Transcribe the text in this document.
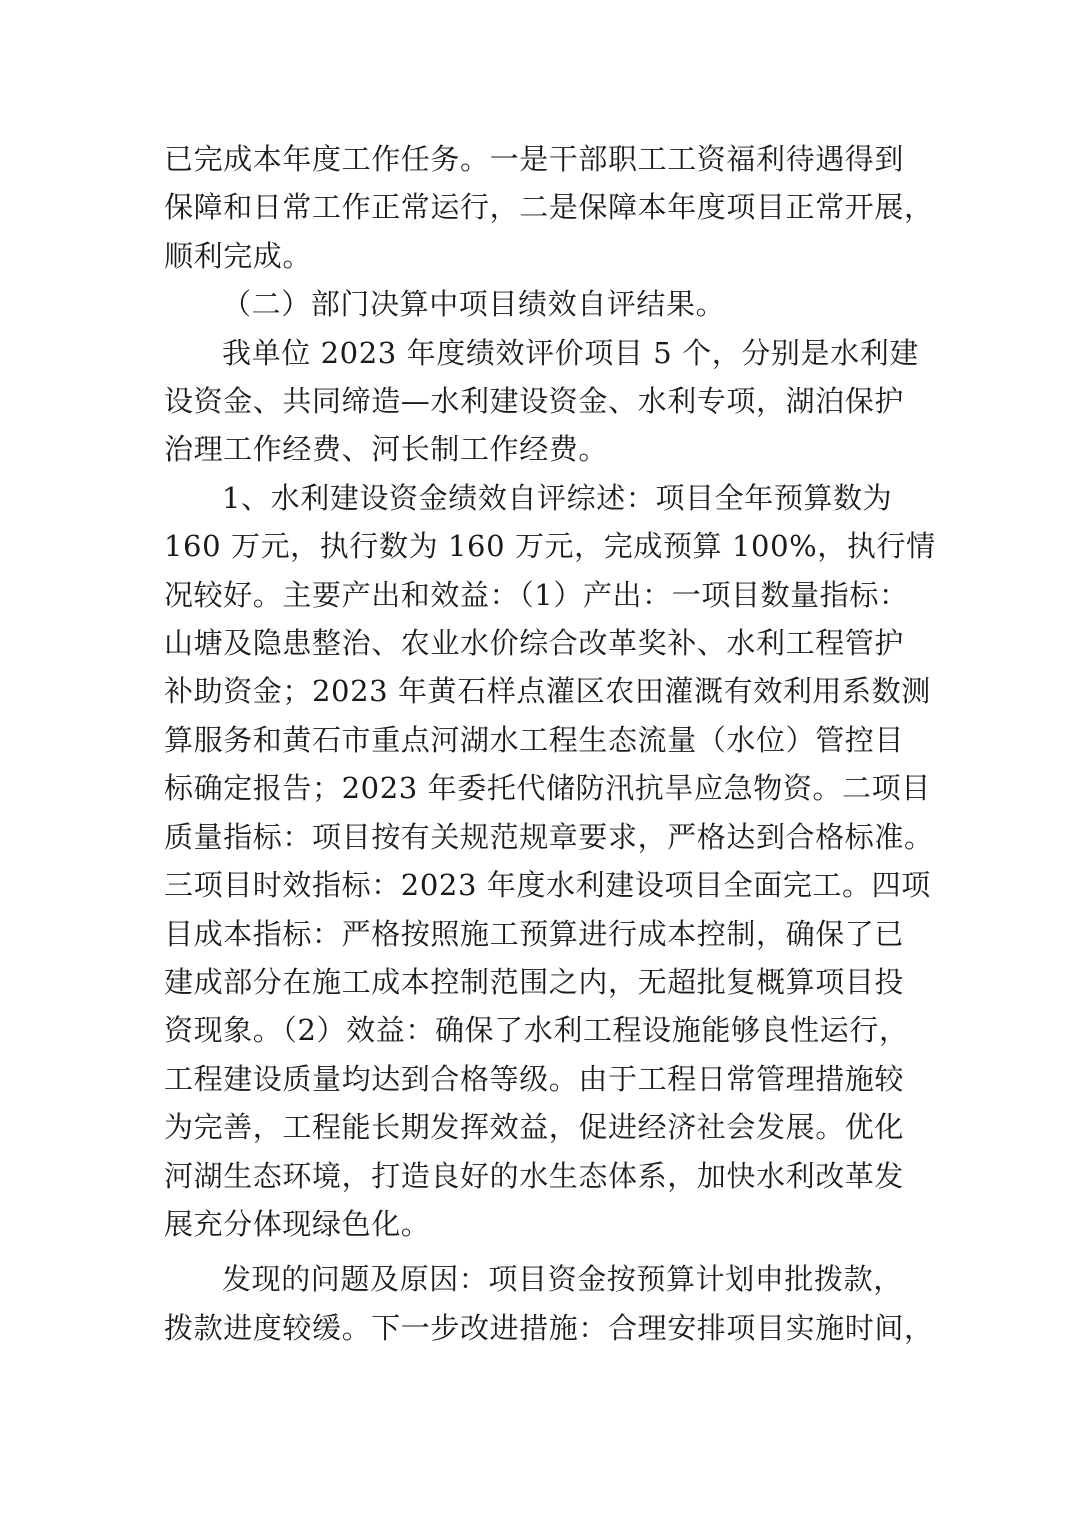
已完成本年度工作任务。一是干部职工工资福利待遇得到
保障和日常工作正常运行，二是保障本年度项目正常开展，
顺利完成。
（二）部门决算中项目绩效自评结果。
我单位 2023 年度绩效评价项目 5 个，分别是水利建
设资金、共同缔造—水利建设资金、水利专项，湖泊保护
治理工作经费、河长制工作经费。
1、水利建设资金绩效自评综述：项目全年预算数为
160 万元，执行数为 160 万元，完成预算 100%，执行情
况较好。主要产出和效益：（1）产出：一项目数量指标：
山塘及隐患整治、农业水价综合改革奖补、水利工程管护
补助资金；2023 年黄石样点灌区农田灌溉有效利用系数测
算服务和黄石市重点河湖水工程生态流量（水位）管控目
标确定报告；2023 年委托代储防汛抗旱应急物资。二项目
质量指标：项目按有关规范规章要求，严格达到合格标准。
三项目时效指标：2023 年度水利建设项目全面完工。四项
目成本指标：严格按照施工预算进行成本控制，确保了已
建成部分在施工成本控制范围之内，无超批复概算项目投
资现象。（2）效益：确保了水利工程设施能够良性运行，
工程建设质量均达到合格等级。由于工程日常管理措施较
为完善，工程能长期发挥效益，促进经济社会发展。优化
河湖生态环境，打造良好的水生态体系，加快水利改革发
展充分体现绿色化。
发现的问题及原因：项目资金按预算计划申批拨款，
拨款进度较缓。下一步改进措施：合理安排项目实施时间，
